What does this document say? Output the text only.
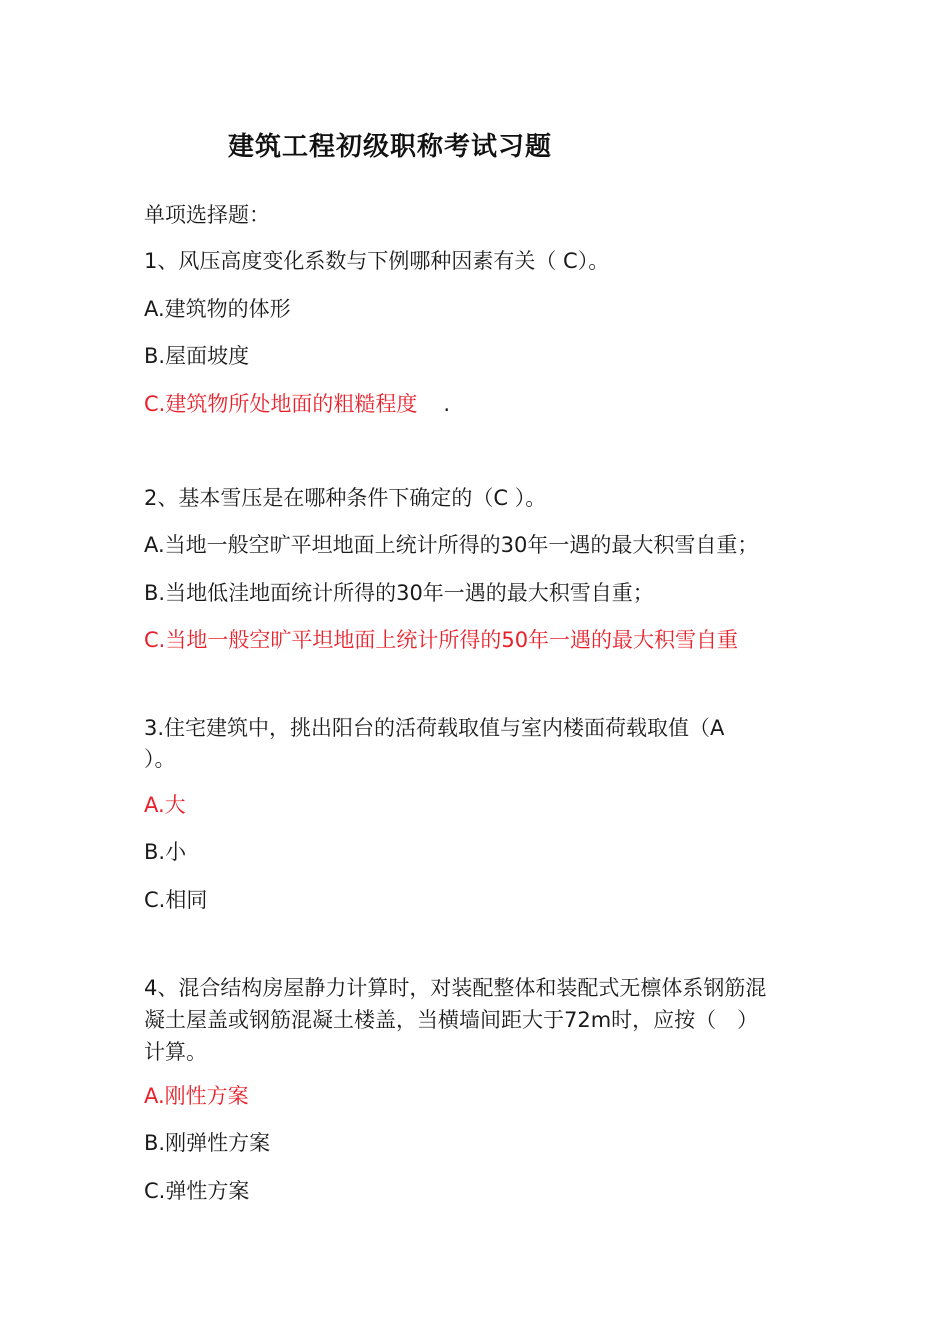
建筑工程初级职称考试习题
单项选择题：
1、风压高度变化系数与下例哪种因素有关（ C）。
A.建筑物的体形
B.屋面坡度
C.建筑物所处地面的粗糙程度 .
2、基本雪压是在哪种条件下确定的（C ）。
A.当地一般空旷平坦地面上统计所得的30年一遇的最大积雪自重；
B.当地低洼地面统计所得的30年一遇的最大积雪自重；
C.当地一般空旷平坦地面上统计所得的50年一遇的最大积雪自重
3.住宅建筑中，挑出阳台的活荷载取值与室内楼面荷载取值（A
）。
A.大
B.小
C.相同
4、混合结构房屋静力计算时，对装配整体和装配式无檩体系钢筋混
凝土屋盖或钢筋混凝土楼盖，当横墙间距大于72m时，应按（　）
计算。
A.刚性方案
B.刚弹性方案
C.弹性方案
